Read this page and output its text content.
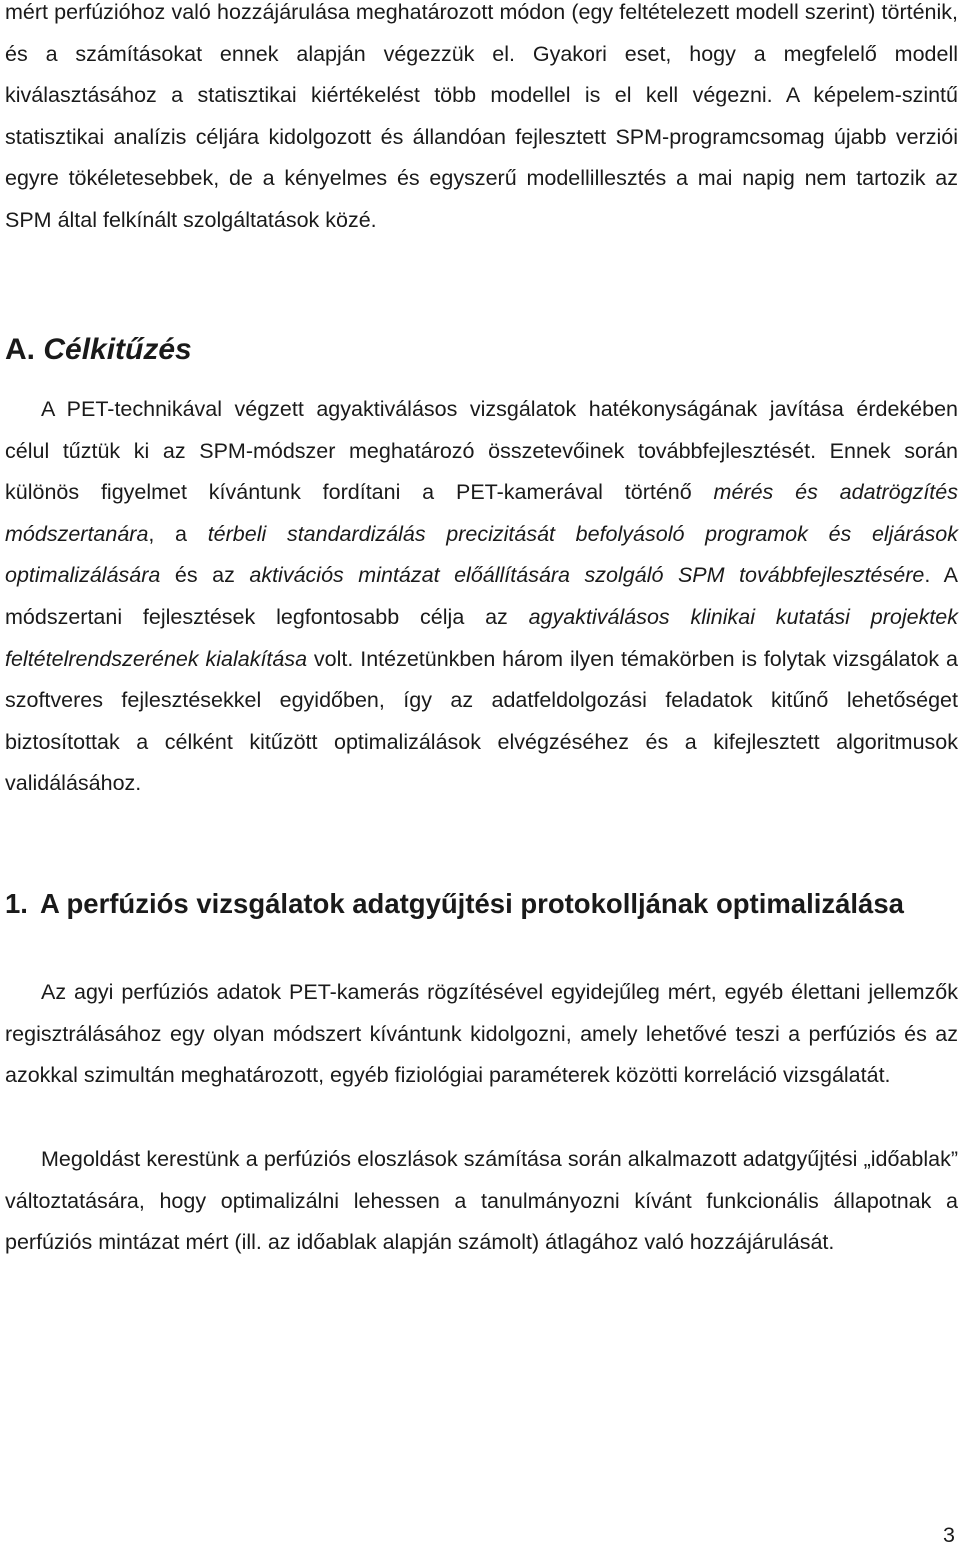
mért perfúzióhoz való hozzájárulása meghatározott módon (egy feltételezett modell szerint) történik, és a számításokat ennek alapján végezzük el. Gyakori eset, hogy a megfelelő modell kiválasztásához a statisztikai kiértékelést több modellel is el kell végezni. A képelem-szintű statisztikai analízis céljára kidolgozott és állandóan fejlesztett SPM-programcsomag újabb verziói egyre tökéletesebbek, de a kényelmes és egyszerű modellillesztés a mai napig nem tartozik az SPM által felkínált szolgáltatások közé.

A. Célkitűzés

A PET-technikával végzett agyaktiválásos vizsgálatok hatékonyságának javítása érdekében célul tűztük ki az SPM-módszer meghatározó összetevőinek továbbfejlesztését. Ennek során különös figyelmet kívántunk fordítani a PET-kamerával történő mérés és adatrögzítés módszertanára, a térbeli standardizálás precizitását befolyásoló programok és eljárások optimalizálására és az aktivációs mintázat előállítására szolgáló SPM továbbfejlesztésére. A módszertani fejlesztések legfontosabb célja az agyaktiválásos klinikai kutatási projektek feltételrendszerének kialakítása volt. Intézetünkben három ilyen témakörben is folytak vizsgálatok a szoftveres fejlesztésekkel egyidőben, így az adatfeldolgozási feladatok kitűnő lehetőséget biztosítottak a célként kitűzött optimalizálások elvégzéséhez és a kifejlesztett algoritmusok validálásához.

1. A perfúziós vizsgálatok adatgyűjtési protokolljának optimalizálása

Az agyi perfúziós adatok PET-kamerás rögzítésével egyidejűleg mért, egyéb élettani jellemzők regisztrálásához egy olyan módszert kívántunk kidolgozni, amely lehetővé teszi a perfúziós és az azokkal szimultán meghatározott, egyéb fiziológiai paraméterek közötti korreláció vizsgálatát.

Megoldást kerestünk a perfúziós eloszlások számítása során alkalmazott adatgyűjtési „időablak” változtatására, hogy optimalizálni lehessen a tanulmányozni kívánt funkcionális állapotnak a perfúziós mintázat mért (ill. az időablak alapján számolt) átlagához való hozzájárulását.

3
